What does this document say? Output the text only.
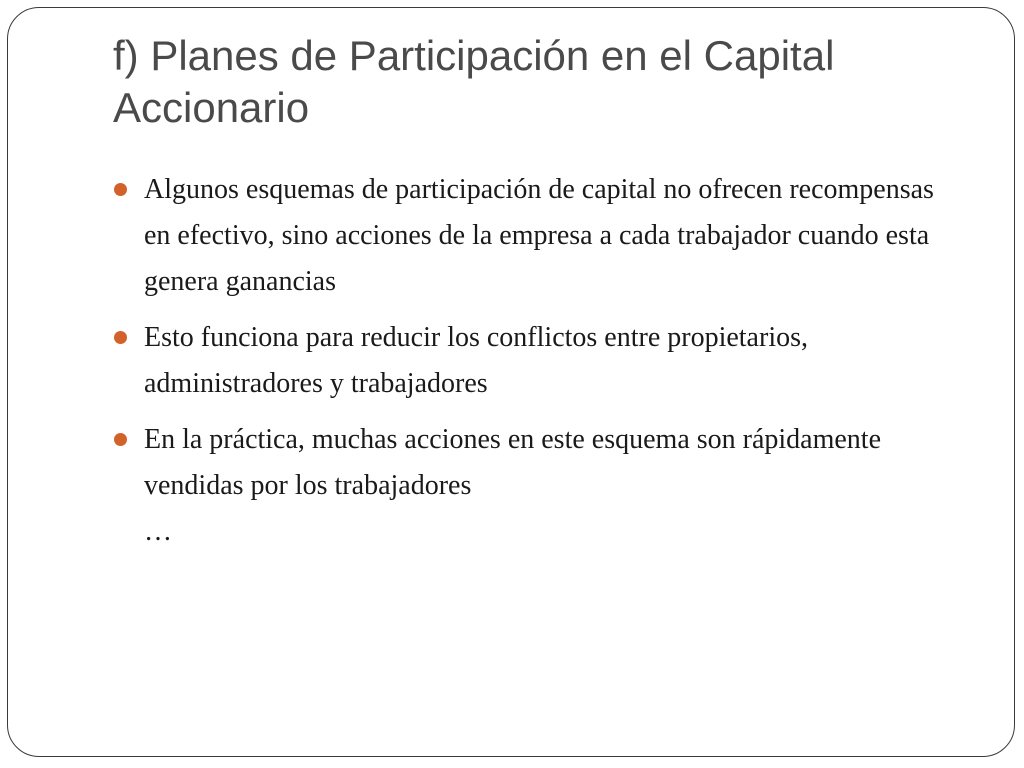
f) Planes de Participación en el Capital Accionario
Algunos esquemas de participación de capital no ofrecen recompensas en efectivo, sino acciones de la empresa a cada trabajador cuando esta genera ganancias
Esto funciona para reducir los conflictos entre propietarios, administradores y trabajadores
En la práctica, muchas acciones en este esquema son rápidamente vendidas por los trabajadores
…
